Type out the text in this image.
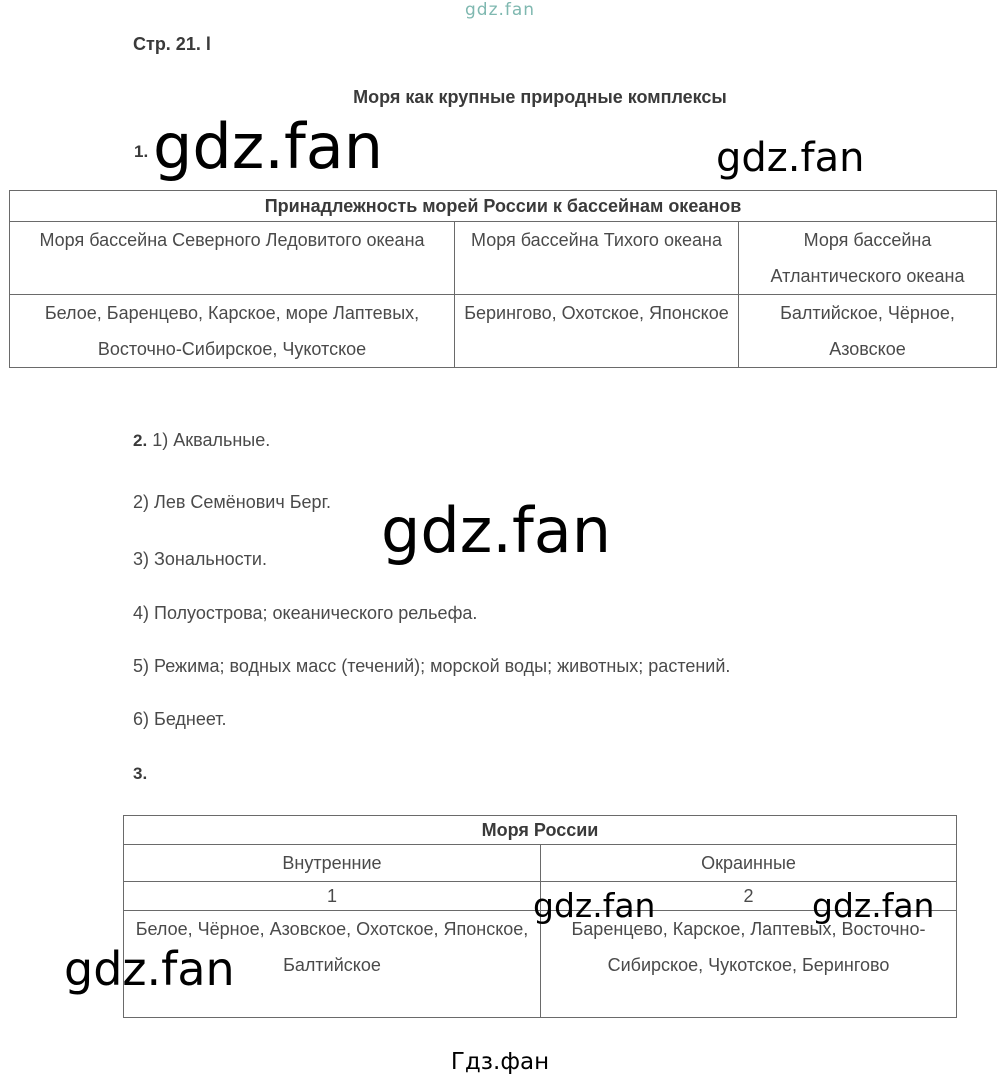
gdz.fan
Стр. 21. l
Моря как крупные природные комплексы
1. gdz.fan	gdz.fan
Принадлежность морей России к бассейнам океанов		
Моря бассейна Северного Ледовитого океана	Моря бассейна Тихого океана	Моря бассейна Атлантического океана
Белое, Баренцево, Карское, море Лаптевых, Восточно-Сибирское, Чукотское	Берингово, Охотское, Японское	Балтийское, Чёрное, Азовское
2. 1) Аквальные.
2) Лев Семёнович Берг. gdz.fan
3) Зональности.
4) Полуострова; океанического рельефа.
5) Режима; водных масс (течений); морской воды; животных; растений.
6) Беднеет.
3.
Моря России	
Внутренние	Окраинные
1	2
Белое, Чёрное, Азовское, Охотское, Японское, Балтийское	Баренцево, Карское, Лаптевых, Восточно-Сибирское, Чукотское, Берингово
gdz.fan	gdz.fan
gdz.fan
Гдз.фан
